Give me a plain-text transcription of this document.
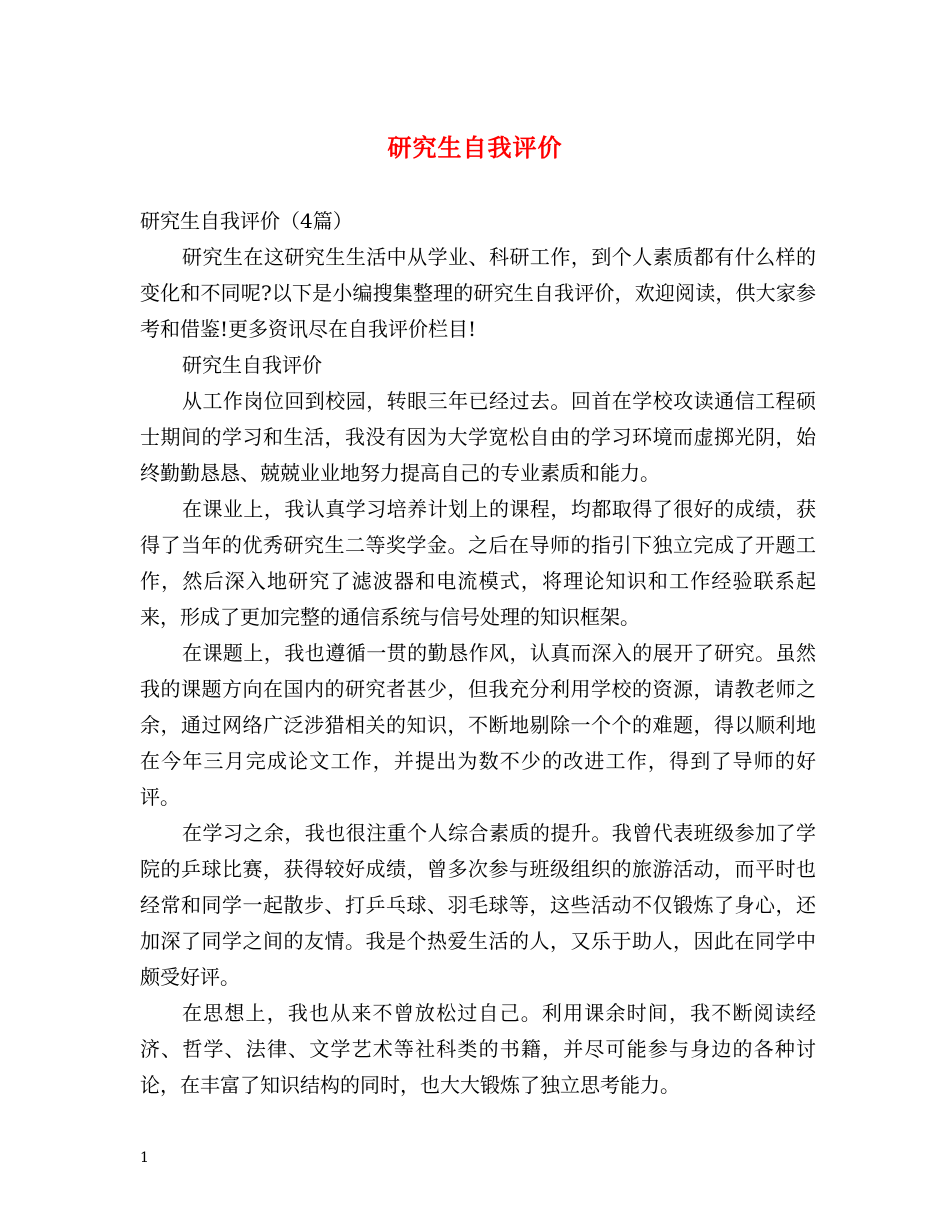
研究生自我评价

研究生自我评价（4篇）

研究生在这研究生生活中从学业、科研工作，到个人素质都有什么样的变化和不同呢?以下是小编搜集整理的研究生自我评价，欢迎阅读，供大家参考和借鉴!更多资讯尽在自我评价栏目!

研究生自我评价

从工作岗位回到校园，转眼三年已经过去。回首在学校攻读通信工程硕士期间的学习和生活，我没有因为大学宽松自由的学习环境而虚掷光阴，始终勤勤恳恳、兢兢业业地努力提高自己的专业素质和能力。

在课业上，我认真学习培养计划上的课程，均都取得了很好的成绩，获得了当年的优秀研究生二等奖学金。之后在导师的指引下独立完成了开题工作，然后深入地研究了滤波器和电流模式，将理论知识和工作经验联系起来，形成了更加完整的通信系统与信号处理的知识框架。

在课题上，我也遵循一贯的勤恳作风，认真而深入的展开了研究。虽然我的课题方向在国内的研究者甚少，但我充分利用学校的资源，请教老师之余，通过网络广泛涉猎相关的知识，不断地剔除一个个的难题，得以顺利地在今年三月完成论文工作，并提出为数不少的改进工作，得到了导师的好评。

在学习之余，我也很注重个人综合素质的提升。我曾代表班级参加了学院的乒球比赛，获得较好成绩，曾多次参与班级组织的旅游活动，而平时也经常和同学一起散步、打乒乓球、羽毛球等，这些活动不仅锻炼了身心，还加深了同学之间的友情。我是个热爱生活的人，又乐于助人，因此在同学中颇受好评。

在思想上，我也从来不曾放松过自己。利用课余时间，我不断阅读经济、哲学、法律、文学艺术等社科类的书籍，并尽可能参与身边的各种讨论，在丰富了知识结构的同时，也大大锻炼了独立思考能力。

1
